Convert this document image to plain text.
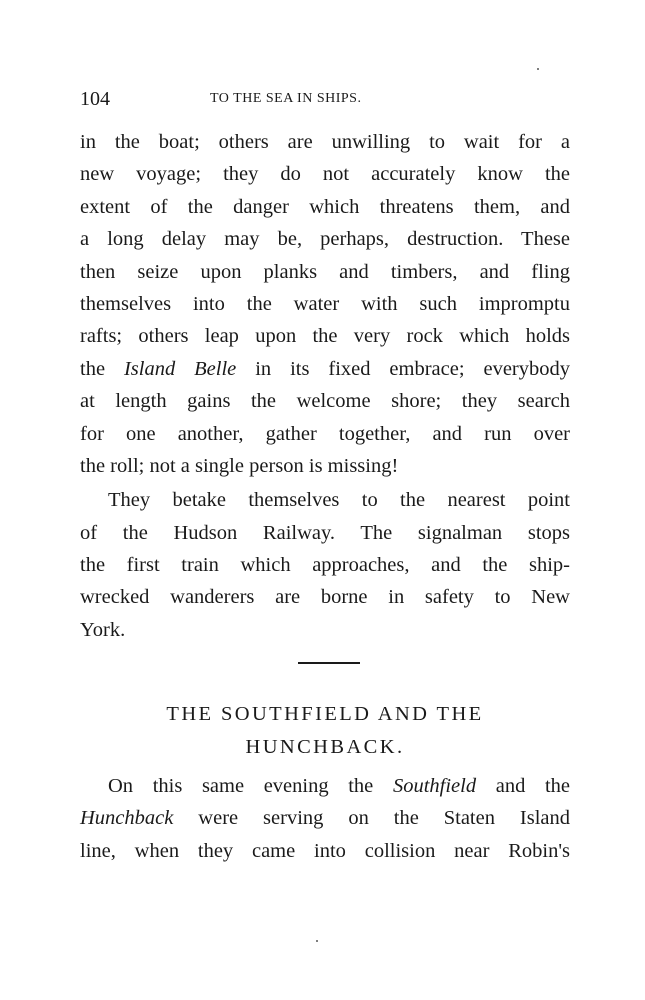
104	TO THE SEA IN SHIPS.
in the boat; others are unwilling to wait for a
new voyage; they do not accurately know the
extent of the danger which threatens them, and
a long delay may be, perhaps, destruction. These
then seize upon planks and timbers, and fling
themselves into the water with such impromptu
rafts; others leap upon the very rock which holds
the Island Belle in its fixed embrace; everybody
at length gains the welcome shore; they search
for one another, gather together, and run over
the roll; not a single person is missing!
They betake themselves to the nearest point
of the Hudson Railway. The signalman stops
the first train which approaches, and the ship-
wrecked wanderers are borne in safety to New
York.
THE SOUTHFIELD AND THE
HUNCHBACK.
On this same evening the Southfield and the
Hunchback were serving on the Staten Island
line, when they came into collision near Robin's
